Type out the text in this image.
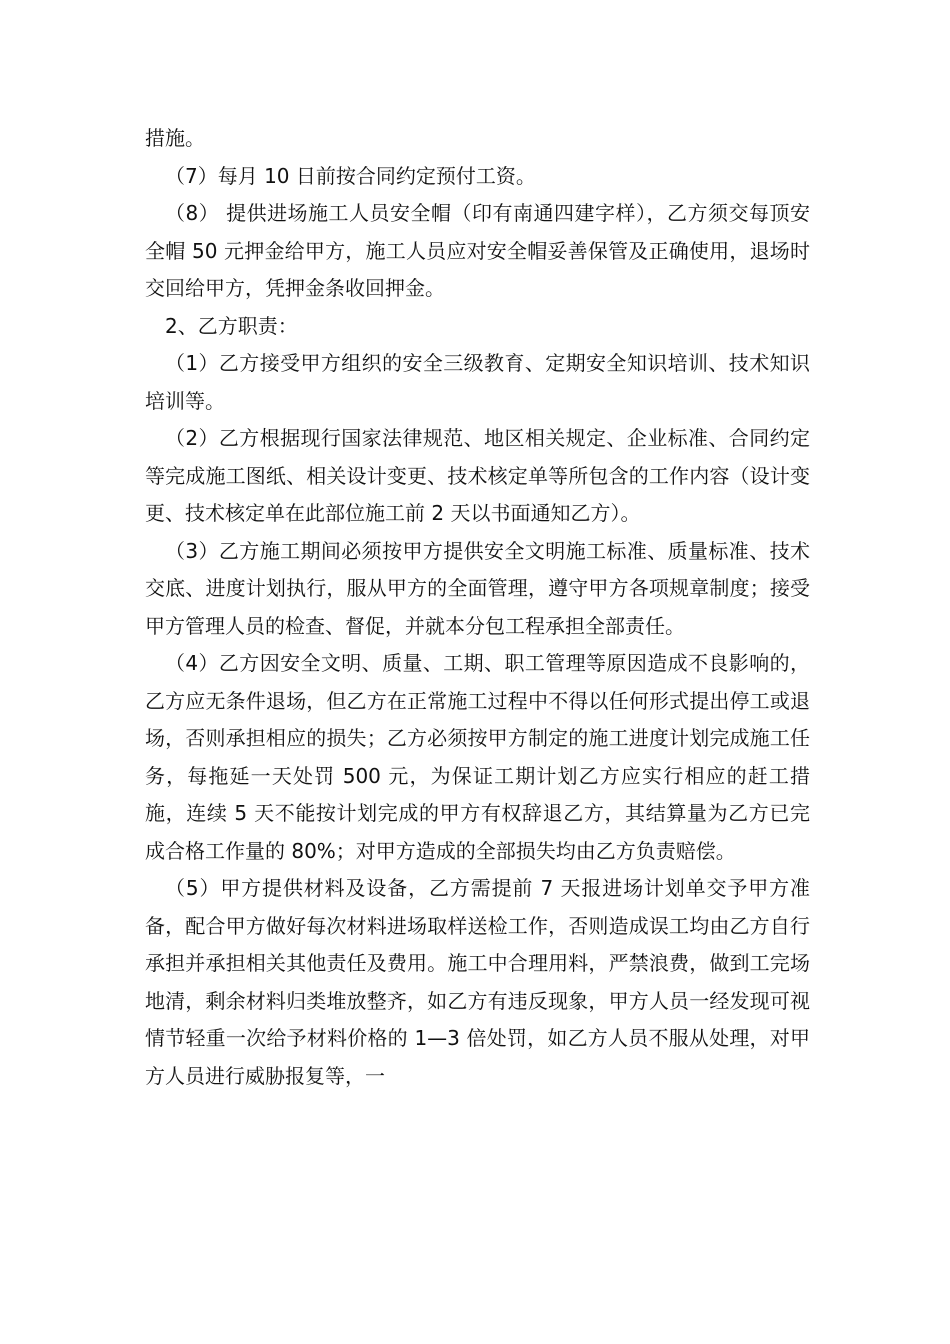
措施。

（7）每月 10 日前按合同约定预付工资。

（8） 提供进场施工人员安全帽（印有南通四建字样），乙方须交每顶安全帽 50 元押金给甲方，施工人员应对安全帽妥善保管及正确使用，退场时交回给甲方，凭押金条收回押金。

2、乙方职责：

（1）乙方接受甲方组织的安全三级教育、定期安全知识培训、技术知识培训等。

（2）乙方根据现行国家法律规范、地区相关规定、企业标准、合同约定等完成施工图纸、相关设计变更、技术核定单等所包含的工作内容（设计变更、技术核定单在此部位施工前 2 天以书面通知乙方）。

（3）乙方施工期间必须按甲方提供安全文明施工标准、质量标准、技术交底、进度计划执行，服从甲方的全面管理，遵守甲方各项规章制度；接受甲方管理人员的检查、督促，并就本分包工程承担全部责任。

（4）乙方因安全文明、质量、工期、职工管理等原因造成不良影响的，乙方应无条件退场，但乙方在正常施工过程中不得以任何形式提出停工或退场，否则承担相应的损失；乙方必须按甲方制定的施工进度计划完成施工任务，每拖延一天处罚 500 元，为保证工期计划乙方应实行相应的赶工措施，连续 5 天不能按计划完成的甲方有权辞退乙方，其结算量为乙方已完成合格工作量的 80%；对甲方造成的全部损失均由乙方负责赔偿。

（5）甲方提供材料及设备，乙方需提前 7 天报进场计划单交予甲方准备，配合甲方做好每次材料进场取样送检工作，否则造成误工均由乙方自行承担并承担相关其他责任及费用。施工中合理用料，严禁浪费，做到工完场地清，剩余材料归类堆放整齐，如乙方有违反现象，甲方人员一经发现可视情节轻重一次给予材料价格的 1—3 倍处罚，如乙方人员不服从处理，对甲方人员进行威胁报复等，一
